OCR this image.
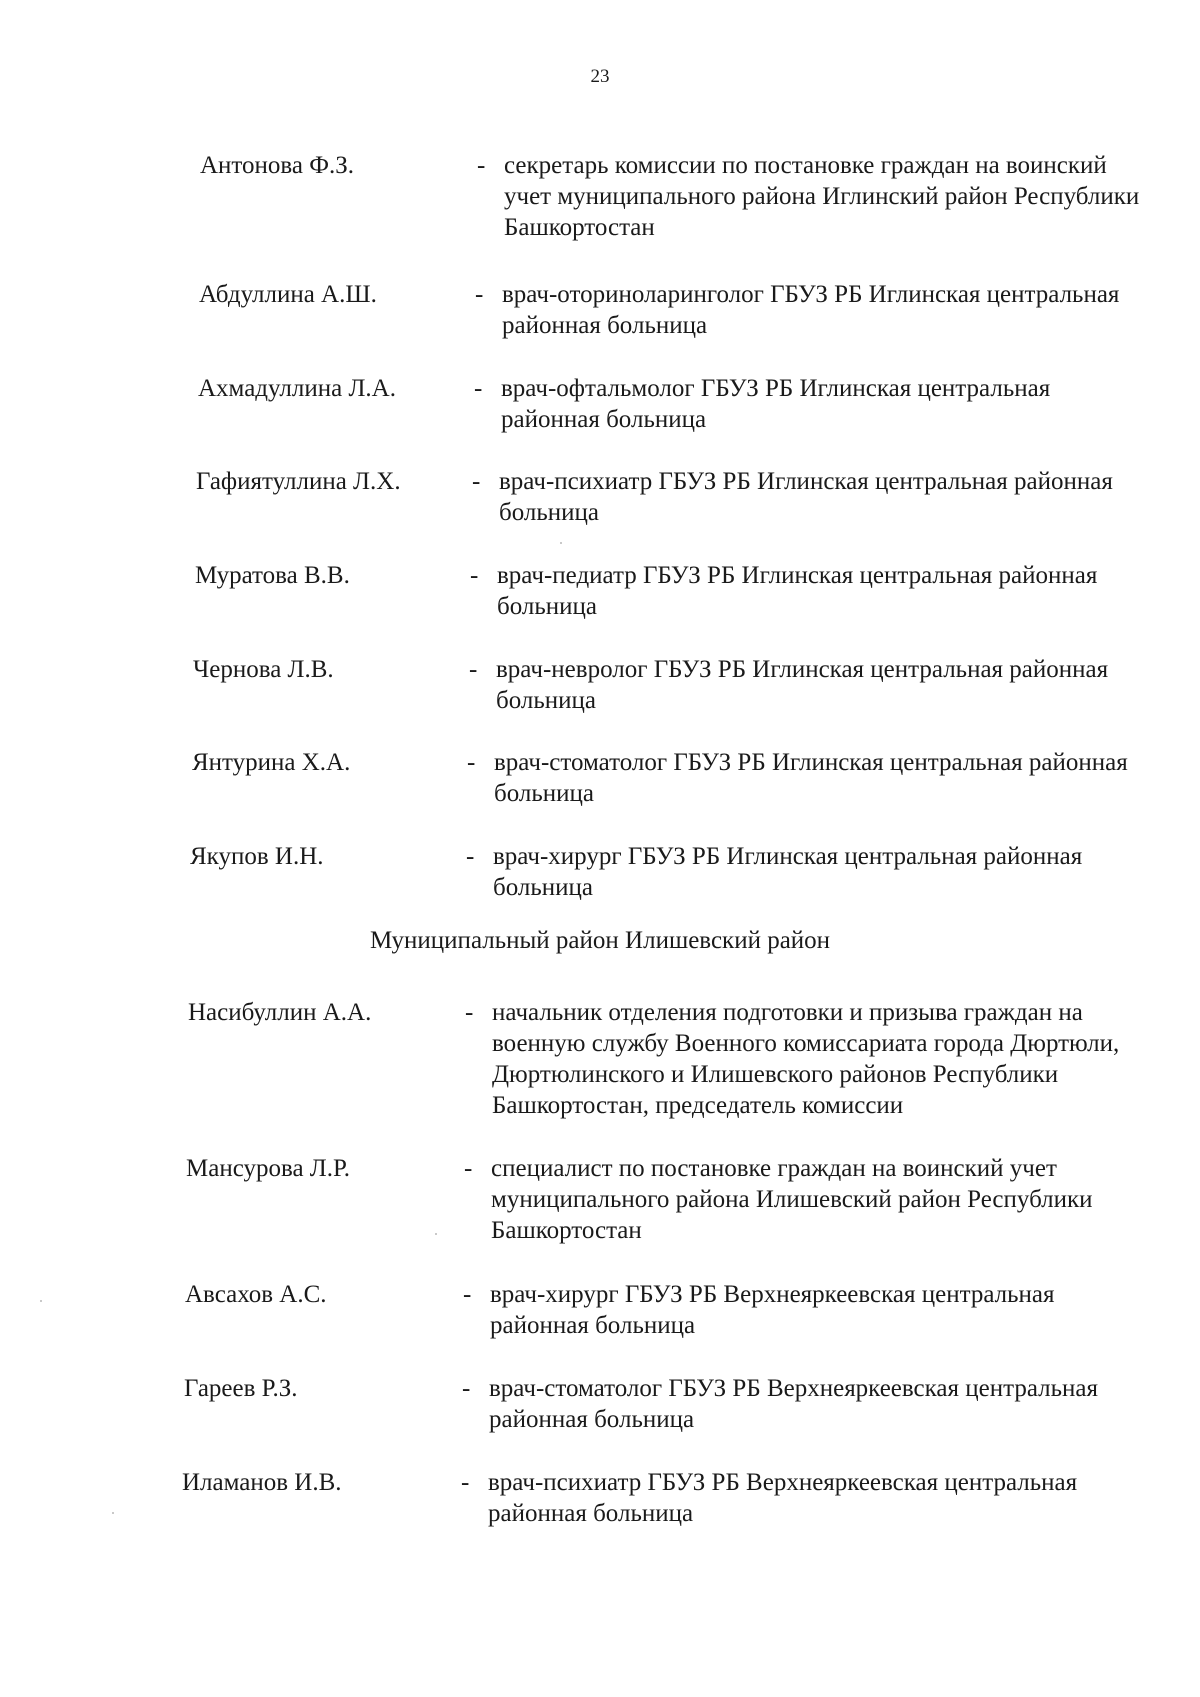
23
Антонова Ф.З.	- секретарь комиссии по постановке граждан на воинский учет муниципального района Иглинский район Республики Башкортостан
Абдуллина А.Ш.	- врач-оториноларинголог ГБУЗ РБ Иглинская центральная районная больница
Ахмадуллина Л.А.	- врач-офтальмолог ГБУЗ РБ Иглинская центральная районная больница
Гафиятуллина Л.Х.	- врач-психиатр ГБУЗ РБ Иглинская центральная районная больница
Муратова В.В.	- врач-педиатр ГБУЗ РБ Иглинская центральная районная больница
Чернова Л.В.	- врач-невролог ГБУЗ РБ Иглинская центральная районная больница
Янтурина Х.А.	- врач-стоматолог ГБУЗ РБ Иглинская центральная районная больница
Якупов И.Н.	- врач-хирург ГБУЗ РБ Иглинская центральная районная больница
Муниципальный район Илишевский район
Насибуллин А.А.	- начальник отделения подготовки и призыва граждан на военную службу Военного комиссариата города Дюртюли, Дюртюлинского и Илишевского районов Республики Башкортостан, председатель комиссии
Мансурова Л.Р.	- специалист по постановке граждан на воинский учет муниципального района Илишевский район Республики Башкортостан
Авсахов А.С.	- врач-хирург ГБУЗ РБ Верхнеяркеевская центральная районная больница
Гареев Р.З.	- врач-стоматолог ГБУЗ РБ Верхнеяркеевская центральная районная больница
Иламанов И.В.	- врач-психиатр ГБУЗ РБ Верхнеяркеевская центральная районная больница
